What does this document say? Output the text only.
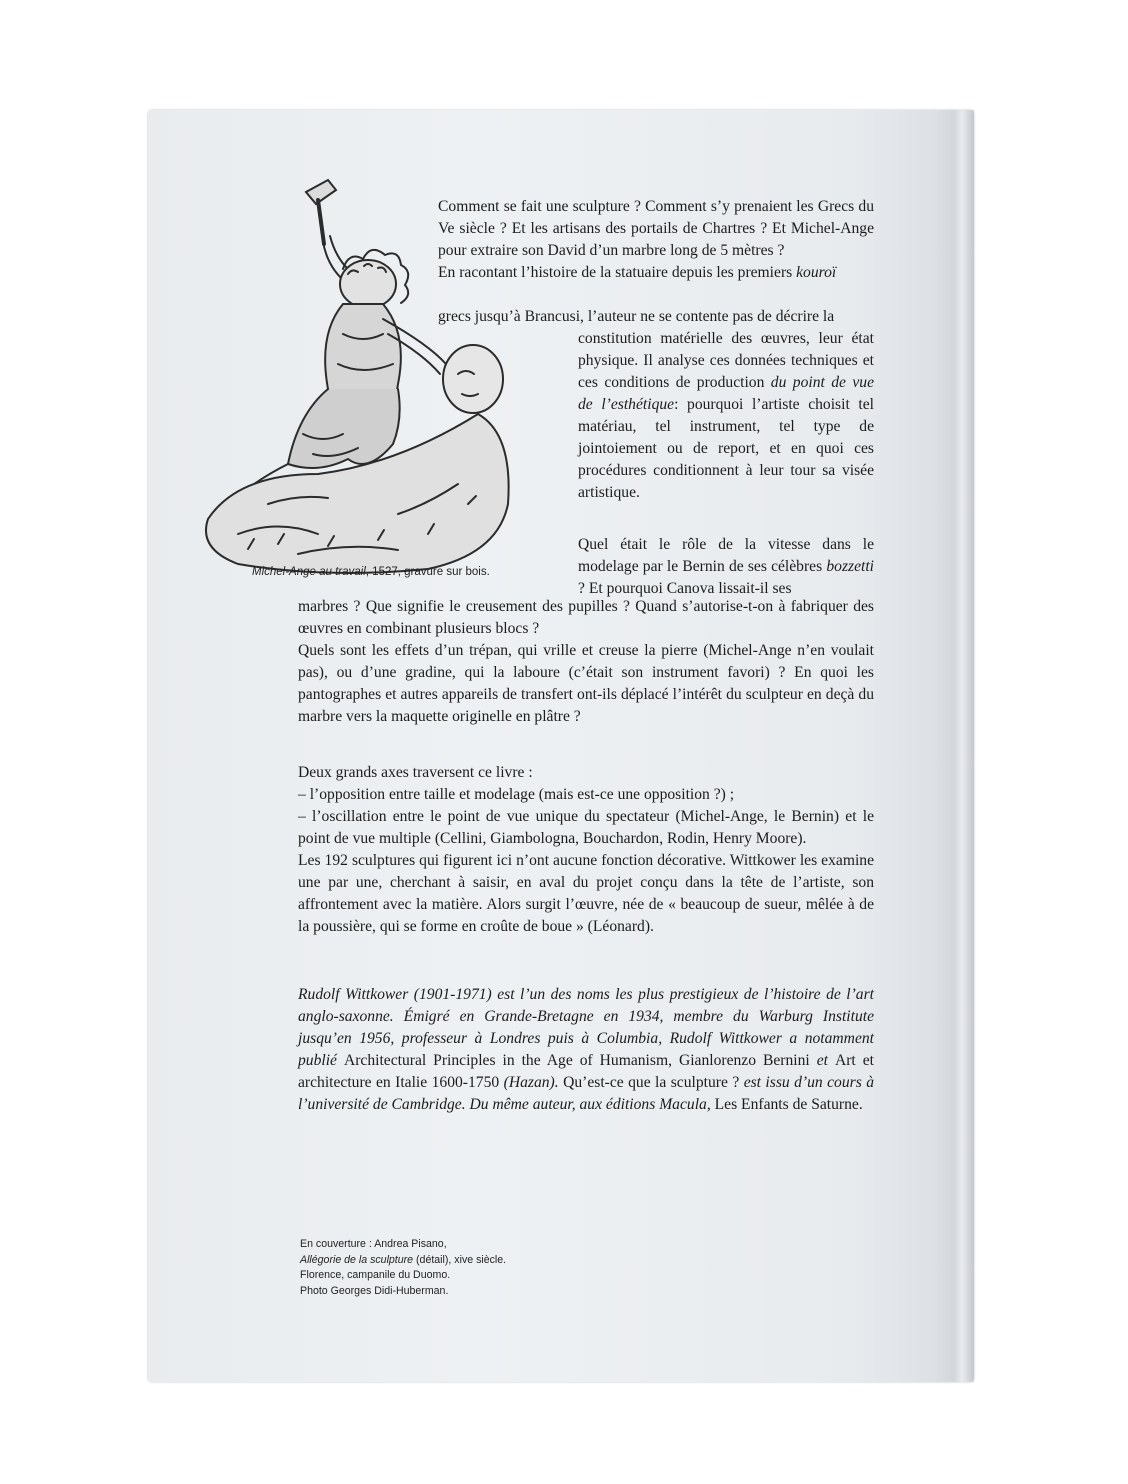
Michel-Ange au travail, 1527, gravure sur bois.

Comment se fait une sculpture ? Comment s’y prenaient les Grecs du Ve siècle ? Et les artisans des portails de Chartres ? Et Michel-Ange pour extraire son David d’un marbre long de 5 mètres ?

En racontant l’histoire de la statuaire depuis les premiers kouroï

grecs jusqu’à Brancusi, l’auteur ne se contente pas de décrire la

constitution matérielle des œuvres, leur état physique. Il analyse ces données techniques et ces conditions de production du point de vue de l’esthétique: pourquoi l’artiste choisit tel matériau, tel instrument, tel type de jointoiement ou de report, et en quoi ces procédures conditionnent à leur tour sa visée artistique.

Quel était le rôle de la vitesse dans le modelage par le Bernin de ses célèbres bozzetti ? Et pourquoi Canova lissait-il ses

marbres ? Que signifie le creusement des pupilles ? Quand s’autorise-t-on à fabriquer des œuvres en combinant plusieurs blocs ?

Quels sont les effets d’un trépan, qui vrille et creuse la pierre (Michel-Ange n’en voulait pas), ou d’une gradine, qui la laboure (c’était son instrument favori) ? En quoi les pantographes et autres appareils de transfert ont-ils déplacé l’intérêt du sculpteur en deçà du marbre vers la maquette originelle en plâtre ?

Deux grands axes traversent ce livre :

– l’opposition entre taille et modelage (mais est-ce une opposition ?) ;

– l’oscillation entre le point de vue unique du spectateur (Michel-Ange, le Bernin) et le point de vue multiple (Cellini, Giambologna, Bouchardon, Rodin, Henry Moore).

Les 192 sculptures qui figurent ici n’ont aucune fonction décorative. Wittkower les examine une par une, cherchant à saisir, en aval du projet conçu dans la tête de l’artiste, son affrontement avec la matière. Alors surgit l’œuvre, née de « beaucoup de sueur, mêlée à de la poussière, qui se forme en croûte de boue » (Léonard).

Rudolf Wittkower (1901-1971) est l’un des noms les plus prestigieux de l’histoire de l’art anglo-saxonne. Émigré en Grande-Bretagne en 1934, membre du Warburg Institute jusqu’en 1956, professeur à Londres puis à Columbia, Rudolf Wittkower a notamment publié Architectural Principles in the Age of Humanism, Gianlorenzo Bernini et Art et architecture en Italie 1600-1750 (Hazan). Qu’est-ce que la sculpture ? est issu d’un cours à l’université de Cambridge. Du même auteur, aux éditions Macula, Les Enfants de Saturne.

En couverture : Andrea Pisano,
Allégorie de la sculpture (détail), xive siècle.
Florence, campanile du Duomo.
Photo Georges Didi-Huberman.
